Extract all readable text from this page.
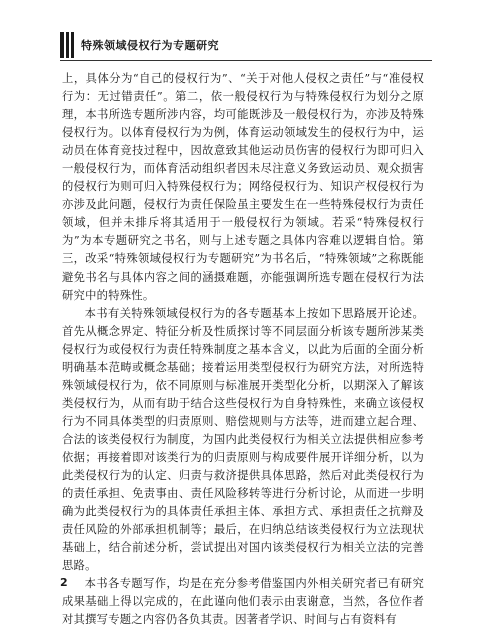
特殊领域侵权行为专题研究

上，具体分为“自己的侵权行为”、“关于对他人侵权之责任”与“准侵权行为：无过错责任”。第二，依一般侵权行为与特殊侵权行为划分之原理，本书所选专题所涉内容，均可能既涉及一般侵权行为，亦涉及特殊侵权行为。以体育侵权行为为例，体育运动领域发生的侵权行为中，运动员在体育竞技过程中，因故意致其他运动员伤害的侵权行为即可归入一般侵权行为，而体育活动组织者因未尽注意义务致运动员、观众损害的侵权行为则可归入特殊侵权行为；网络侵权行为、知识产权侵权行为亦涉及此问题，侵权行为责任保险虽主要发生在一些特殊侵权行为责任领域，但并未排斥将其适用于一般侵权行为领域。若采“特殊侵权行为”为本专题研究之书名，则与上述专题之具体内容难以逻辑自恰。第三，改采“特殊领域侵权行为专题研究”为书名后，“特殊领域”之称既能避免书名与具体内容之间的涵摄难题，亦能强调所选专题在侵权行为法研究中的特殊性。

本书有关特殊领域侵权行为的各专题基本上按如下思路展开论述。首先从概念界定、特征分析及性质探讨等不同层面分析该专题所涉某类侵权行为或侵权行为责任特殊制度之基本含义，以此为后面的全面分析明确基本范畴或概念基础；接着运用类型侵权行为研究方法，对所选特殊领域侵权行为，依不同原则与标准展开类型化分析，以期深入了解该类侵权行为，从而有助于结合这些侵权行为自身特殊性，来确立该侵权行为不同具体类型的归责原则、赔偿规则与方法等，进而建立起合理、合法的该类侵权行为制度，为国内此类侵权行为相关立法提供相应参考依据；再接着即对该类行为的归责原则与构成要件展开详细分析，以为此类侵权行为的认定、归责与救济提供具体思路，然后对此类侵权行为的责任承担、免责事由、责任风险移转等进行分析讨论，从而进一步明确为此类侵权行为的具体责任承担主体、承担方式、承担责任之抗辩及责任风险的外部承担机制等；最后，在归纳总结该类侵权行为立法现状基础上，结合前述分析，尝试提出对国内该类侵权行为相关立法的完善思路。

本书各专题写作，均是在充分参考借鉴国内外相关研究者已有研究成果基础上得以完成的，在此谨向他们表示由衷谢意，当然，各位作者对其撰写专题之内容仍各负其责。因著者学识、时间与占有资料有

2
